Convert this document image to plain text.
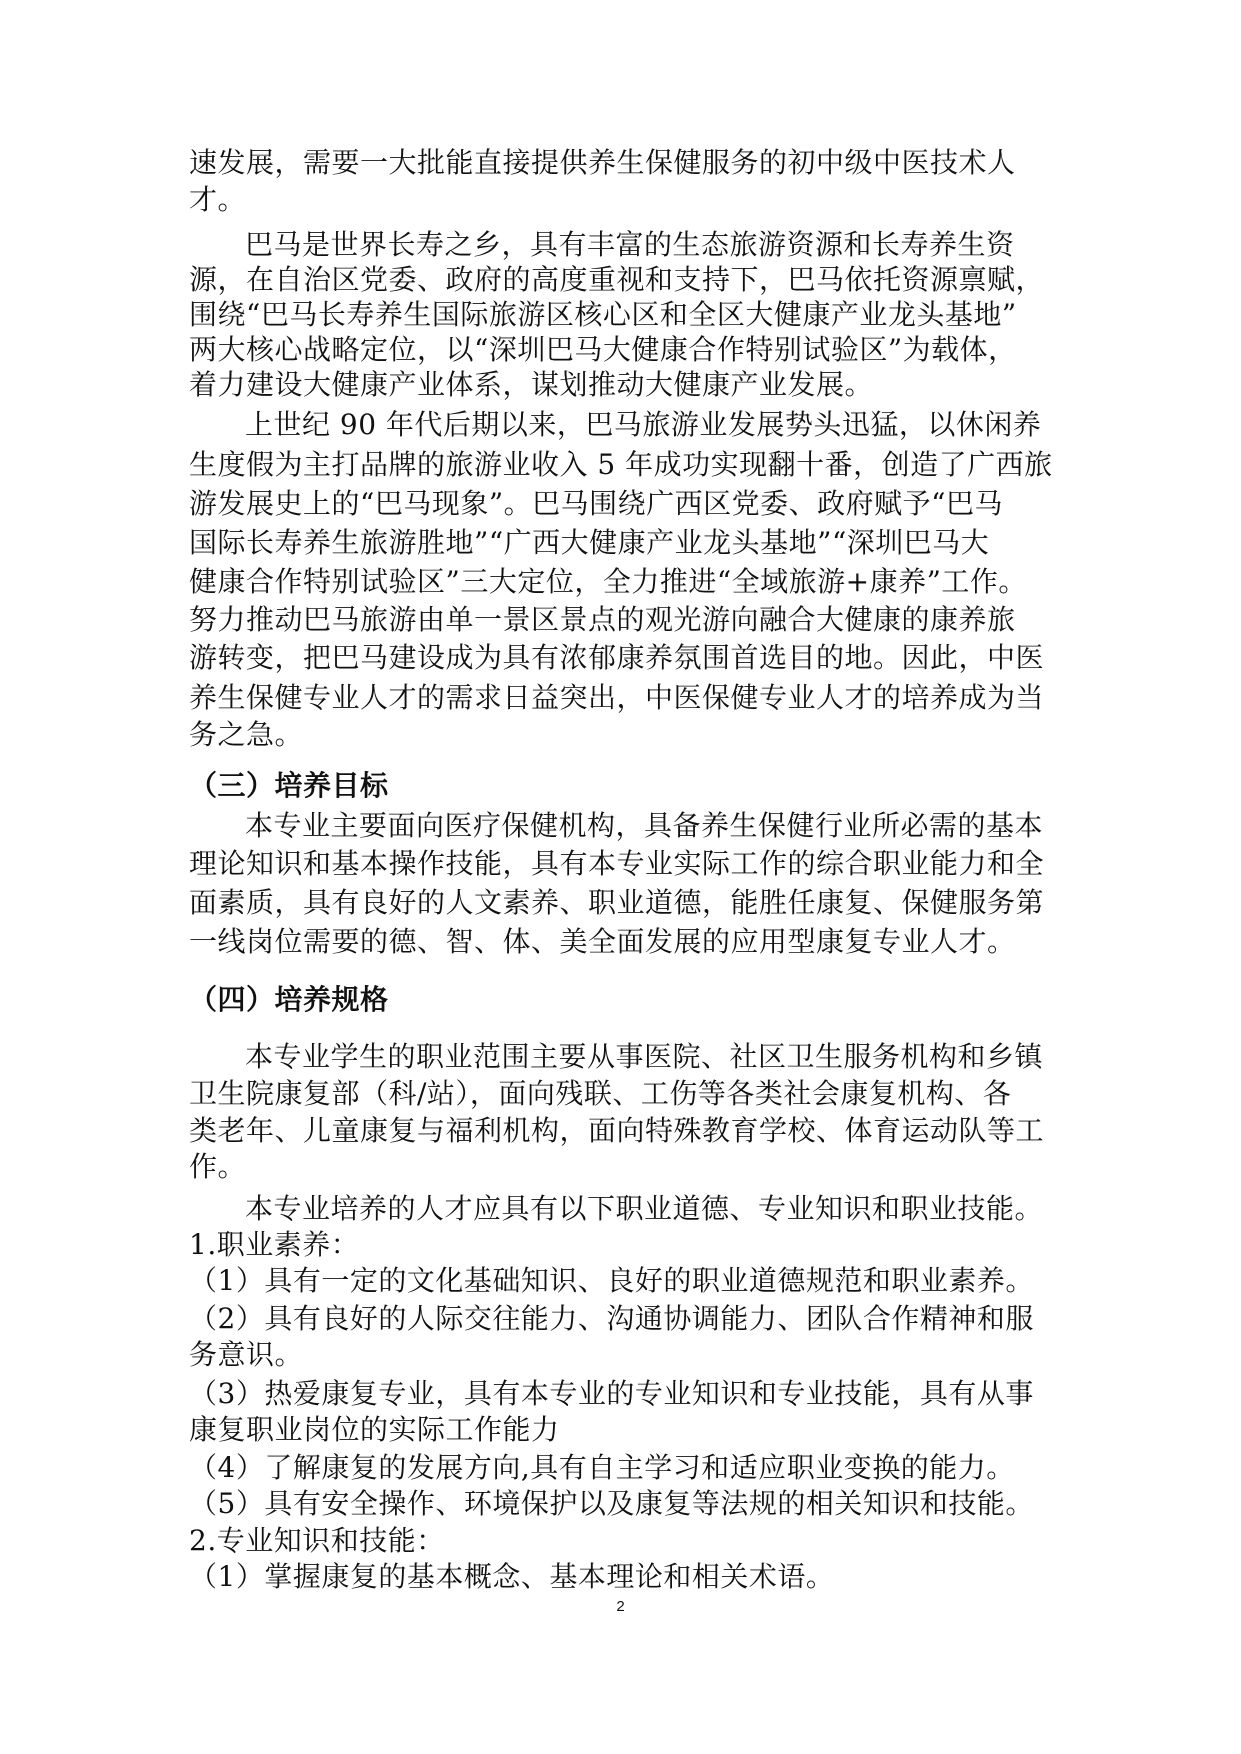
速发展，需要一大批能直接提供养生保健服务的初中级中医技术人
才。
巴马是世界长寿之乡，具有丰富的生态旅游资源和长寿养生资
源，在自治区党委、政府的高度重视和支持下，巴马依托资源禀赋，
围绕“巴马长寿养生国际旅游区核心区和全区大健康产业龙头基地”
两大核心战略定位，以“深圳巴马大健康合作特别试验区”为载体，
着力建设大健康产业体系，谋划推动大健康产业发展。
上世纪 90 年代后期以来，巴马旅游业发展势头迅猛，以休闲养
生度假为主打品牌的旅游业收入 5 年成功实现翻十番，创造了广西旅
游发展史上的“巴马现象”。巴马围绕广西区党委、政府赋予“巴马
国际长寿养生旅游胜地”“广西大健康产业龙头基地”“深圳巴马大
健康合作特别试验区”三大定位，全力推进“全域旅游+康养”工作。
努力推动巴马旅游由单一景区景点的观光游向融合大健康的康养旅
游转变，把巴马建设成为具有浓郁康养氛围首选目的地。因此，中医
养生保健专业人才的需求日益突出，中医保健专业人才的培养成为当
务之急。
（三）培养目标
本专业主要面向医疗保健机构，具备养生保健行业所必需的基本
理论知识和基本操作技能，具有本专业实际工作的综合职业能力和全
面素质，具有良好的人文素养、职业道德，能胜任康复、保健服务第
一线岗位需要的德、智、体、美全面发展的应用型康复专业人才。
（四）培养规格
本专业学生的职业范围主要从事医院、社区卫生服务机构和乡镇
卫生院康复部（科/站），面向残联、工伤等各类社会康复机构、各
类老年、儿童康复与福利机构，面向特殊教育学校、体育运动队等工
作。
本专业培养的人才应具有以下职业道德、专业知识和职业技能。
1.职业素养：
（1）具有一定的文化基础知识、良好的职业道德规范和职业素养。
（2）具有良好的人际交往能力、沟通协调能力、团队合作精神和服
务意识。
（3）热爱康复专业，具有本专业的专业知识和专业技能，具有从事
康复职业岗位的实际工作能力
（4）了解康复的发展方向,具有自主学习和适应职业变换的能力。
（5）具有安全操作、环境保护以及康复等法规的相关知识和技能。
2.专业知识和技能：
（1）掌握康复的基本概念、基本理论和相关术语。
2
